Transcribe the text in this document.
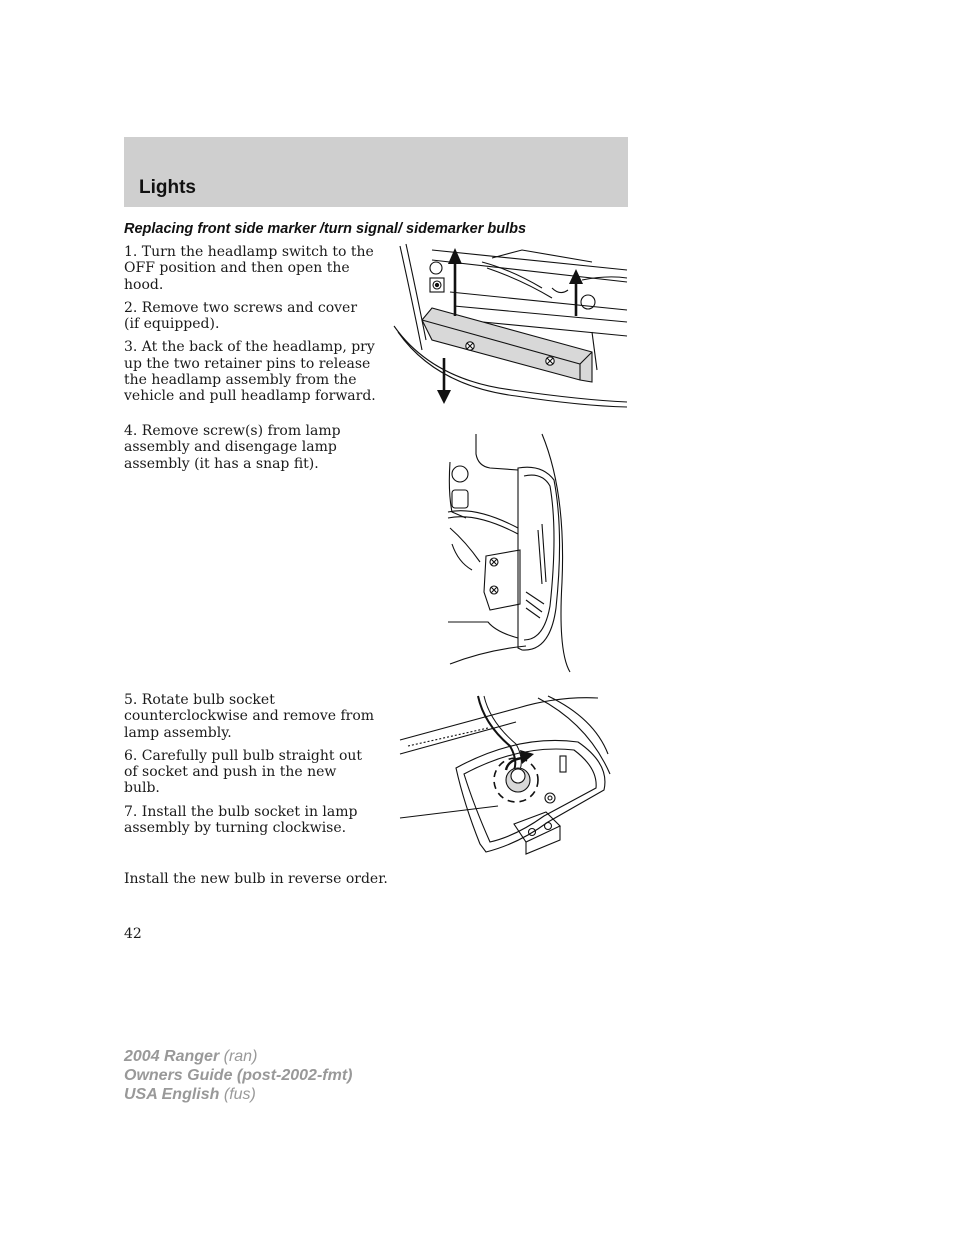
Lights
Replacing front side marker /turn signal/ sidemarker bulbs

1. Turn the headlamp switch to the OFF position and then open the hood.

2. Remove two screws and cover (if equipped).

3. At the back of the headlamp, pry up the two retainer pins to release the headlamp assembly from the vehicle and pull headlamp forward.

4. Remove screw(s) from lamp assembly and disengage lamp assembly (it has a snap fit).

5. Rotate bulb socket counterclockwise and remove from lamp assembly.

6. Carefully pull bulb straight out of socket and push in the new bulb.

7. Install the bulb socket in lamp assembly by turning clockwise.

Install the new bulb in reverse order.

42

2004 Ranger (ran)

Owners Guide (post-2002-fmt)

USA English (fus)
